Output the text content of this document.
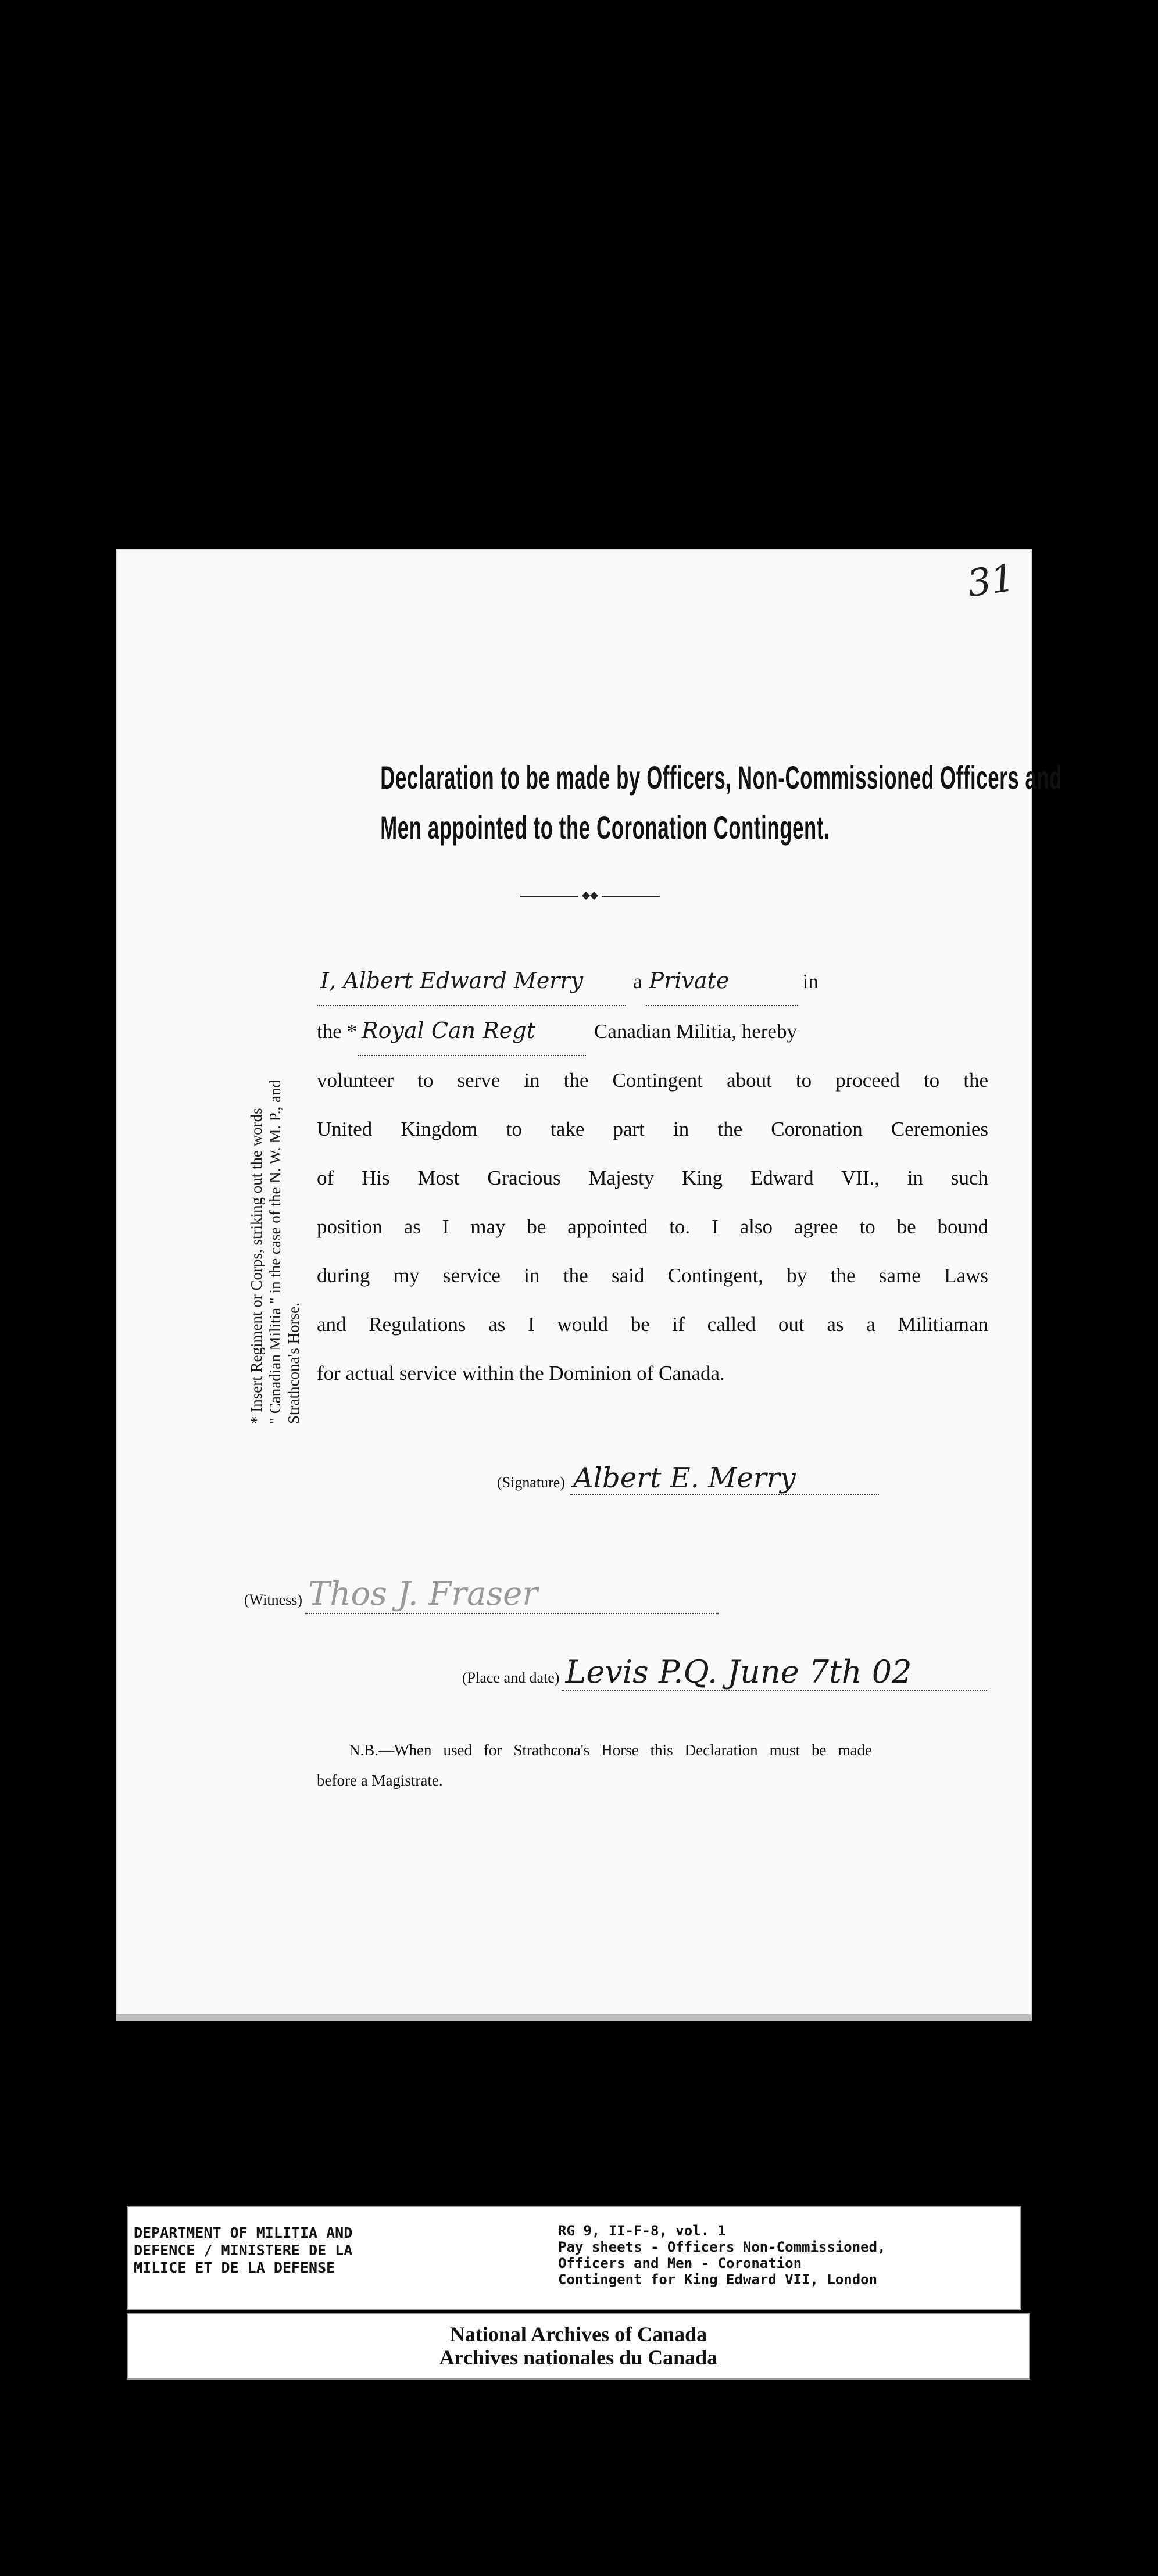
31
Declaration to be made by Officers, Non-Commissioned Officers and
Men appointed to the Coronation Contingent.
I, Albert Edward Merry	a Private	in
the * Royal Can Regt	Canadian Militia, hereby
volunteer to serve in the Contingent about to proceed to the
United Kingdom to take part in the Coronation Ceremonies
of His Most Gracious Majesty King Edward VII., in such
position as I may be appointed to. I also agree to be bound
during my service in the said Contingent, by the same Laws
and Regulations as I would be if called out as a Militiaman
for actual service within the Dominion of Canada.
* Insert Regiment or Corps, striking out the words " Canadian Militia " in the case of the N. W. M. P., and Strathcona's Horse.
(Signature) Albert E. Merry
(Witness) Thos J. Fraser
(Place and date) Levis P.Q. June 7th 02
N.B.—When used for Strathcona's Horse this Declaration must be made
before a Magistrate.
DEPARTMENT OF MILITIA AND
DEFENCE / MINISTERE DE LA
MILICE ET DE LA DEFENSE
RG 9, II-F-8, vol. 1
Pay sheets - Officers Non-Commissioned,
Officers and Men - Coronation
Contingent for King Edward VII, London
National Archives of Canada
Archives nationales du Canada
